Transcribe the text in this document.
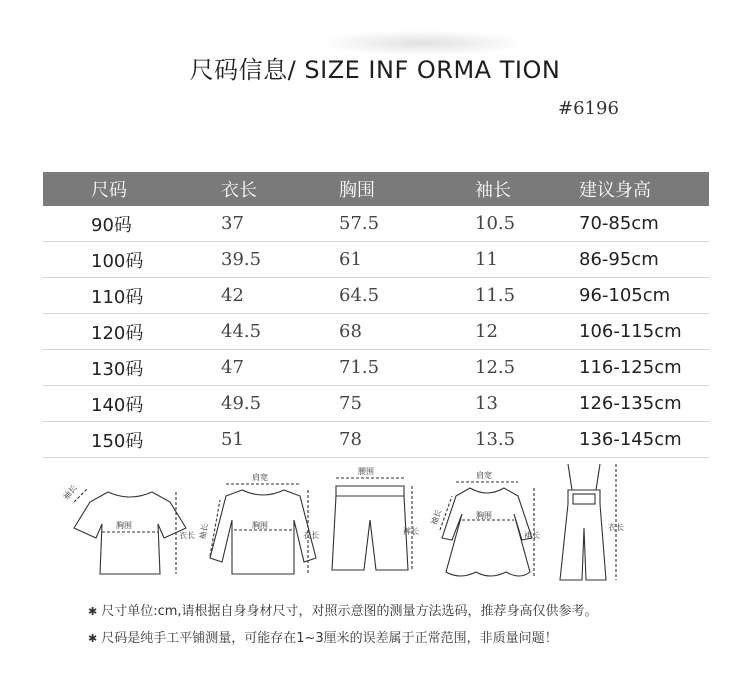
尺码信息/ SIZE INF ORMA TION
#6196
尺码	衣长	胸围	袖长	建议身高
90码	37	57.5	10.5	70-85cm
100码	39.5	61	11	86-95cm
110码	42	64.5	11.5	96-105cm
120码	44.5	68	12	106-115cm
130码	47	71.5	12.5	116-125cm
140码	49.5	75	13	126-135cm
150码	51	78	13.5	136-145cm
胸围
衣长
袖长
肩宽
胸围
衣长
袖长
腰围
裤长
肩宽
胸围
裙长
袖长
衣长
✱ 尺寸单位:cm,请根据自身身材尺寸，对照示意图的测量方法选码，推荐身高仅供参考。
✱ 尺码是纯手工平铺测量，可能存在1~3厘米的误差属于正常范围，非质量问题！
